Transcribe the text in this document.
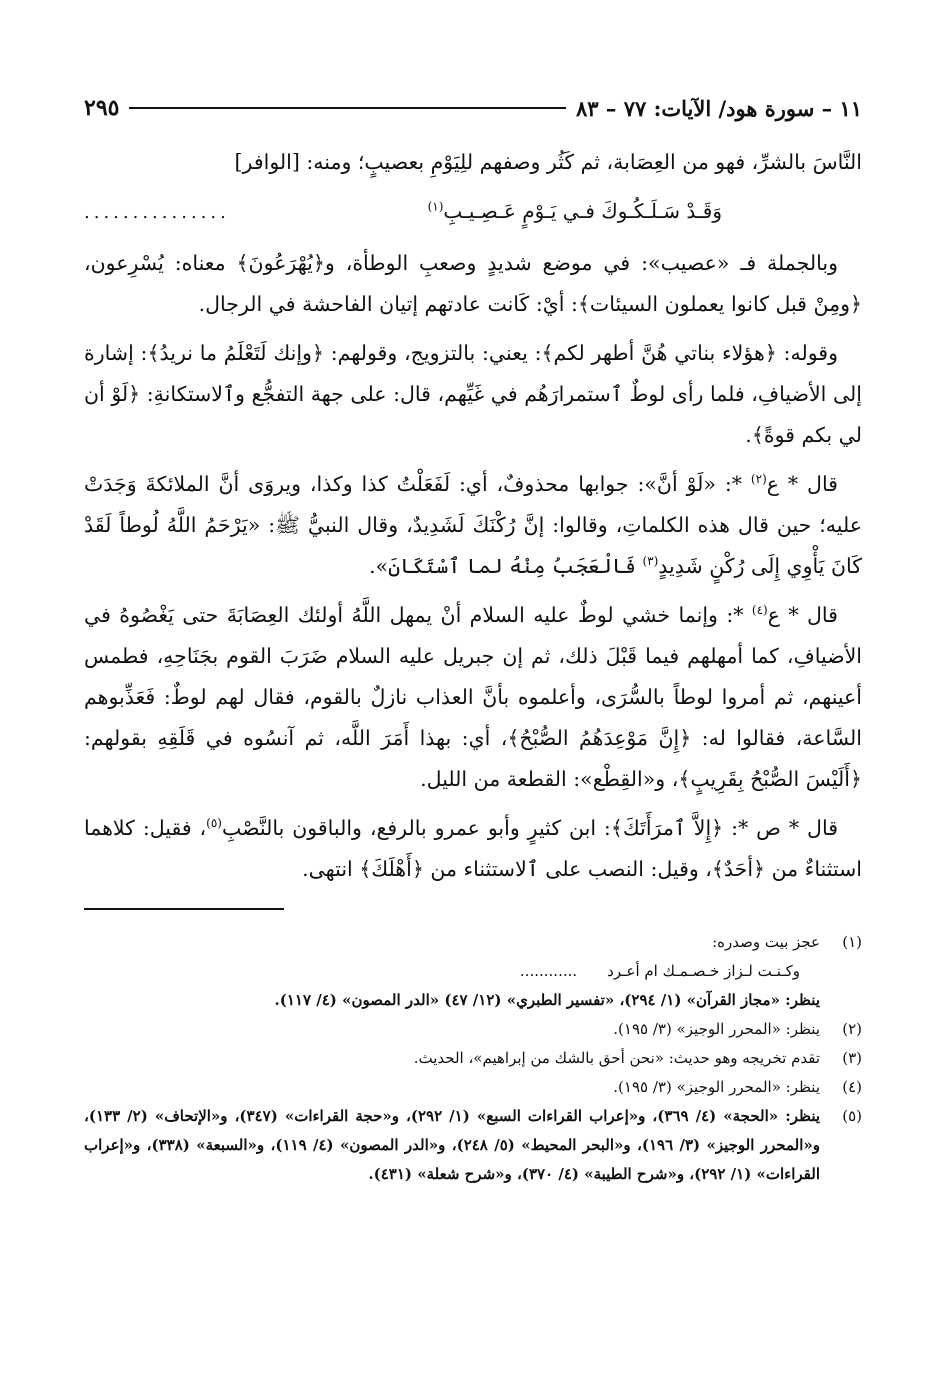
١١ – سورة هود/ الآيات: ٧٧ – ٨٣
٢٩٥

النَّاسَ بالشرِّ، فهو من العِصَابة، ثم كَثُر وصفهم للِيَوْمِ بعصيبٍ؛ ومنه: [الوافر]

وَقَـدْ سَـلَـكُـوكَ فـي يَـوْمٍ عَـصِـيـبِ$^{(١)}$
...............

وبالجملة فـ «عصيب»: في موضع شديدٍ وصعبِ الوطأة، و﴿يُهْرَعُونَ﴾ معناه: يُسْرِعون، ﴿ومِنْ قبل كانوا يعملون السيئات﴾: أيْ: كَانت عادتهم إتيان الفاحشة في الرجال.

وقوله: ﴿هؤلاء بناتي هُنَّ أطهر لكم﴾: يعني: بالتزويج، وقولهم: ﴿وإنك لَتَعْلَمُ ما نريدُ﴾: إشارة إلى الأضيافِ، فلما رأى لوطٌ ٱستمرارَهُم في غَيِّهم، قال: على جهة التفجُّع وٱلاستكانةِ: ﴿لَوْ أن لي بكم قوةً﴾.

قال * ع$^{(٢)}$ *: «لَوْ أنَّ»: جوابها محذوفٌ، أي: لَفَعَلْتُ كذا وكذا، ويروَى أنَّ الملائكةَ وَجَدَتْ عليه؛ حين قال هذه الكلماتِ، وقالوا: إنَّ رُكْنَكَ لَشَدِيدٌ، وقال النبيُّ ﷺ: «يَرْحَمُ اللَّهُ لُوطاً لَقَدْ كَانَ يَأْوِي إِلَى رُكْنٍ شَدِيدٍ$^{(٣)}$ فَالْعَجَبُ مِنْهُ لما ٱسْتَكَانَ».

قال * ع$^{(٤)}$ *: وإنما خشي لوطٌ عليه السلام أنْ يمهل اللَّهُ أولئك العِصَابَةَ حتى يَغْصُوهُ في الأضيافِ، كما أمهلهم فيما قَبْلَ ذلك، ثم إن جبريل عليه السلام ضَرَبَ القوم بجَنَاحِهِ، فطمس أعينهم، ثم أمروا لوطاً بالسُّرَى، وأعلموه بأنَّ العذاب نازلٌ بالقوم، فقال لهم لوطٌ: فَعَذِّبوهم السَّاعة، فقالوا له: ﴿إِنَّ مَوْعِدَهُمُ الصُّبْحُ﴾، أي: بهذا أَمَرَ اللَّه، ثم آنسُوه في قَلَقِهِ بقولهم: ﴿أَلَيْسَ الصُّبْحُ بِقَرِيبٍ﴾، و«القِطْع»: القطعة من الليل.

قال * ص *: ﴿إِلاَّ ٱمرَأَتَكَ﴾: ابن كثيرٍ وأبو عمرو بالرفع، والباقون بالنَّصْبِ$^{(٥)}$، فقيل: كلاهما استثناءٌ من ﴿أحَدٌ﴾، وقيل: النصب على ٱلاستثناء من ﴿أَهْلَكَ﴾ انتهى.

(١)
عجز بيت وصدره:
وكـنـت لـزاز خـصـمـك ام أعـرد............
ينظر: «مجاز القرآن» (١/ ٢٩٤)، «تفسير الطبري» (١٢/ ٤٧) «الدر المصون» (٤/ ١١٧).
(٢)
ينظر: «المحرر الوجيز» (٣/ ١٩٥).
(٣)
تقدم تخريجه وهو حديث: «نحن أحق بالشك من إبراهيم»، الحديث.
(٤)
ينظر: «المحرر الوجيز» (٣/ ١٩٥).
(٥)
ينظر: «الحجة» (٤/ ٣٦٩)، و«إعراب القراءات السبع» (١/ ٢٩٢)، و«حجة القراءات» (٣٤٧)، و«الإتحاف» (٢/ ١٣٣)، و«المحرر الوجيز» (٣/ ١٩٦)، و«البحر المحيط» (٥/ ٢٤٨)، و«الدر المصون» (٤/ ١١٩)، و«السبعة» (٣٣٨)، و«إعراب القراءات» (١/ ٢٩٢)، و«شرح الطيبة» (٤/ ٣٧٠)، و«شرح شعلة» (٤٣١).
